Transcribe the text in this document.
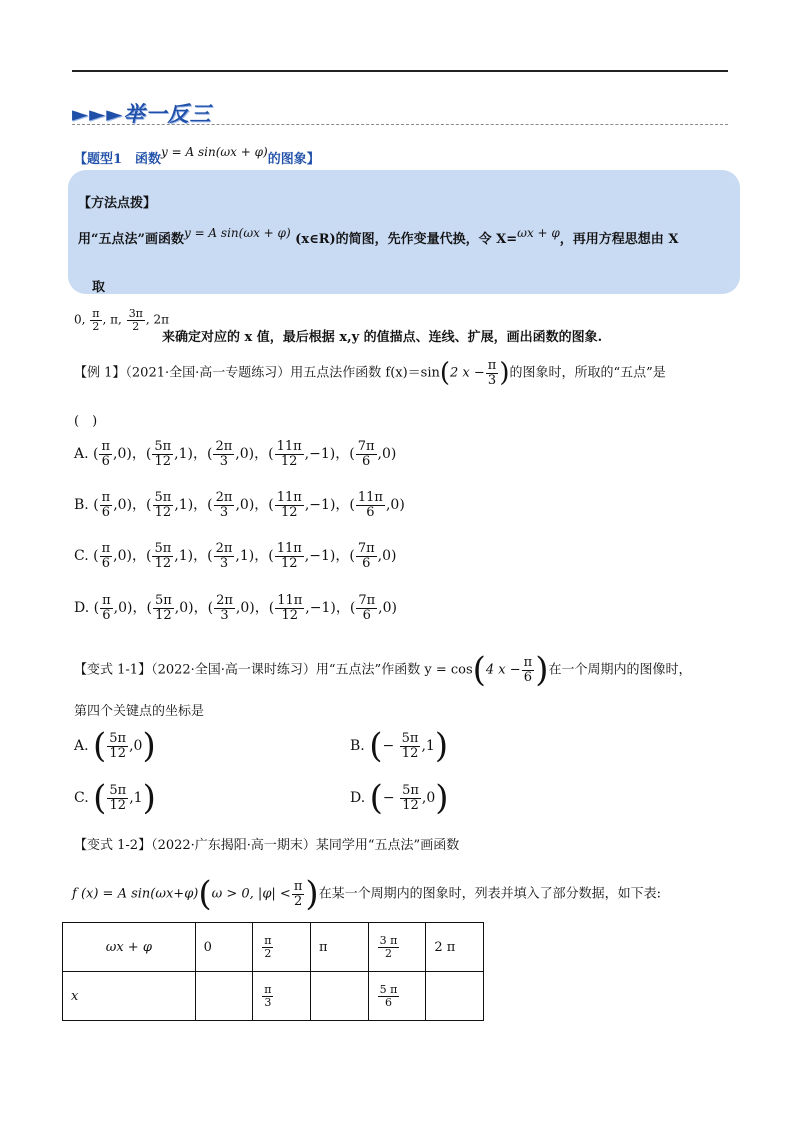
►►►举一反三
【题型1　函数y = A sin(ωx + φ)的图象】
【方法点拨】
用“五点法”画函数y = A sin(ωx + φ) (x∈R)的简图，先作变量代换，令 X=ωx + φ，再用方程思想由 X
取
0, $\frac{\pi}{2}$ , π, $\frac{3\pi}{2}$ , 2π
来确定对应的 x 值，最后根据 x,y 的值描点、连线、扩展，画出函数的图象.
【例 1】（2021·全国·高一专题练习）用五点法作函数 f(x)＝sin(2 $x - \frac{\pi}{3}$ )的图象时，所取的“五点”是
(　)
A. ( $\frac{\pi}{6} ,0$)，( $\frac{5\pi}{12} ,1$)，( $\frac{2\pi}{3} ,0$)，( $\frac{11\pi}{12} ,-1$)，( $\frac{7\pi}{6} ,0$)
B. ( $\frac{\pi}{6} ,0$)，( $\frac{5\pi}{12} ,1$)，( $\frac{2\pi}{3} ,0$)，( $\frac{11\pi}{12} ,-1$)，( $\frac{11\pi}{6} ,0$)
C. ( $\frac{\pi}{6} ,0$)，( $\frac{5\pi}{12} ,1$)，( $\frac{2\pi}{3} ,1$)，( $\frac{11\pi}{12} ,-1$)，( $\frac{7\pi}{6} ,0$)
D. ( $\frac{\pi}{6} ,0$)，( $\frac{5\pi}{12} ,0$)，( $\frac{2\pi}{3} ,0$)，( $\frac{11\pi}{12} ,-1$)，( $\frac{7\pi}{6} ,0$)
【变式 1-1】（2022·全国·高一课时练习）用“五点法”作函数 y = cos(4 $x - \frac{\pi}{6}$ )在一个周期内的图像时，
第四个关键点的坐标是
A. ( $\frac{5\pi}{12} ,0$)	B. (− $\frac{5\pi}{12} ,1$)
C. ( $\frac{5\pi}{12} ,1$)	D. (− $\frac{5\pi}{12} ,0$)
【变式 1-2】（2022·广东揭阳·高一期末）某同学用“五点法”画函数
f (x) = A sin(ωx+φ)(ω > 0, $|\varphi| < \frac{\pi}{2}$ )在某一个周期内的图象时，列表并填入了部分数据，如下表:
ωx + φ	0	$\frac{\pi}{2}$	π	$\frac{3 \pi}{2}$	2 π
x		$\frac{\pi}{3}$		$\frac{5 \pi}{6}$
